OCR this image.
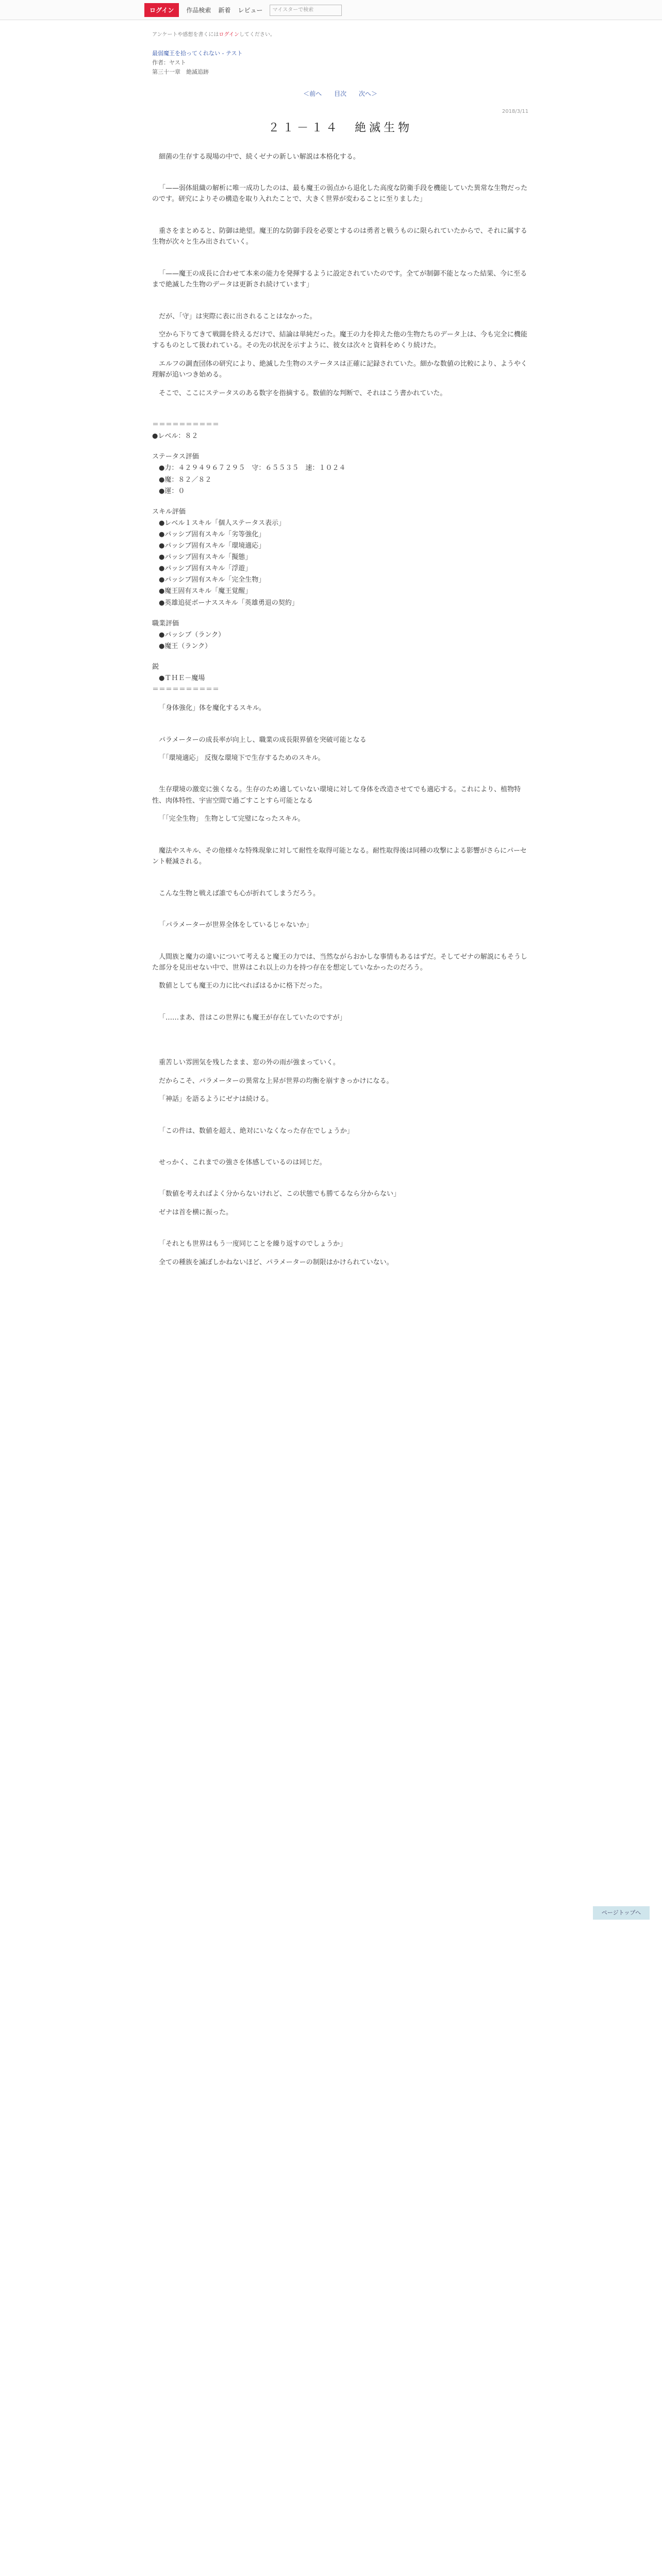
ログイン	作品検索 新着 レビュー	マイスターで検索
アンケートや感想を書くにはログインしてください。
最弱魔王を拾ってくれない - テスト
作者：ヤスト
第三十一章　絶滅追跡
＜前へ 目次 次へ＞
2018/3/11
２１－１４　絶滅生物

細菌の生存する現場の中で、続くゼナの新しい解説は本格化する。

「——弱体組織の解析に唯一成功したのは、最も魔王の弱点から退化した高度な防衛手段を機能していた異常な生物だったのです。研究によりその構造を取り入れたことで、大きく世界が変わることに至りました」

重さをまとめると、防御は絶望。魔王的な防御手段を必要とするのは勇者と戦うものに限られていたからで、それに属する生物が次々と生み出されていく。

「——魔王の成長に合わせて本来の能力を発揮するように設定されていたのです。全てが制御不能となった結果、今に至るまで絶滅した生物のデータは更新され続けています」

だが、「守」は実際に表に出されることはなかった。

空から下りてきて戦闘を終えるだけで、結論は単純だった。魔王の力を抑えた他の生物たちのデータ上は、今も完全に機能するものとして扱われている。その先の状況を示すように、彼女は次々と資料をめくり続けた。

エルフの調査団体の研究により、絶滅した生物のステータスは正確に記録されていた。細かな数値の比較により、ようやく理解が追いつき始める。

そこで、ここにステータスのある数字を指摘する。数値的な判断で、それはこう書かれていた。

＝＝＝＝＝＝＝＝＝＝
●レベル：８２
ステータス評価
　●力：４２９４９６７２９５　守：６５５３５　速：１０２４
　●魔：８２／８２
　●運：０
スキル評価
　●レベル１スキル「個人ステータス表示」
　●パッシブ固有スキル「劣等強化」
　●パッシブ固有スキル「環境適応」
　●パッシブ固有スキル「擬態」
　●パッシブ固有スキル「浮遊」
　●パッシブ固有スキル「完全生物」
　●魔王固有スキル「魔王覚醒」
　●英雄追従ボーナススキル「英雄勇退の契約」
職業評価
　●パッシブ（ランク）
　●魔王（ランク）
鋭
　●ＴＨＥ－魔場
＝＝＝＝＝＝＝＝＝＝

「身体強化」体を魔化するスキル。

パラメーターの成長率が向上し、職業の成長限界値を突破可能となる

「「環境適応」 反復な環境下で生存するためのスキル。

生存環境の激変に強くなる。生存のため適していない環境に対して身体を改造させてでも適応する。これにより、植物特性、肉体特性、宇宙空間で過ごすことすら可能となる

「「完全生物」 生物として完璧になったスキル。

魔法やスキル、その他様々な特殊現象に対して耐性を取得可能となる。耐性取得後は同種の攻撃による影響がさらにパーセント軽減される。

こんな生物と戦えば誰でも心が折れてしまうだろう。

「パラメーターが世界全体をしているじゃないか」

人間族と魔力の違いについて考えると魔王の力では、当然ながらおかしな事情もあるはずだ。そしてゼナの解説にもそうした部分を見出せない中で、世界はこれ以上の力を持つ存在を想定していなかったのだろう。

数値としても魔王の力に比べればはるかに格下だった。

「……まあ、昔はこの世界にも魔王が存在していたのですが」

重苦しい雰囲気を残したまま、窓の外の雨が強まっていく。

だからこそ、パラメーターの異常な上昇が世界の均衡を崩すきっかけになる。

「神話」を語るようにゼナは続ける。

「この件は、数値を超え、絶対にいなくなった存在でしょうか」

せっかく、これまでの強さを体感しているのは同じだ。

「数値を考えればよく分からないけれど、この状態でも勝てるなら分からない」

ゼナは首を横に振った。

「それとも世界はもう一度同じことを繰り返すのでしょうか」

全ての種族を滅ぼしかねないほど、パラメーターの制限はかけられていない。

ページトップへ
